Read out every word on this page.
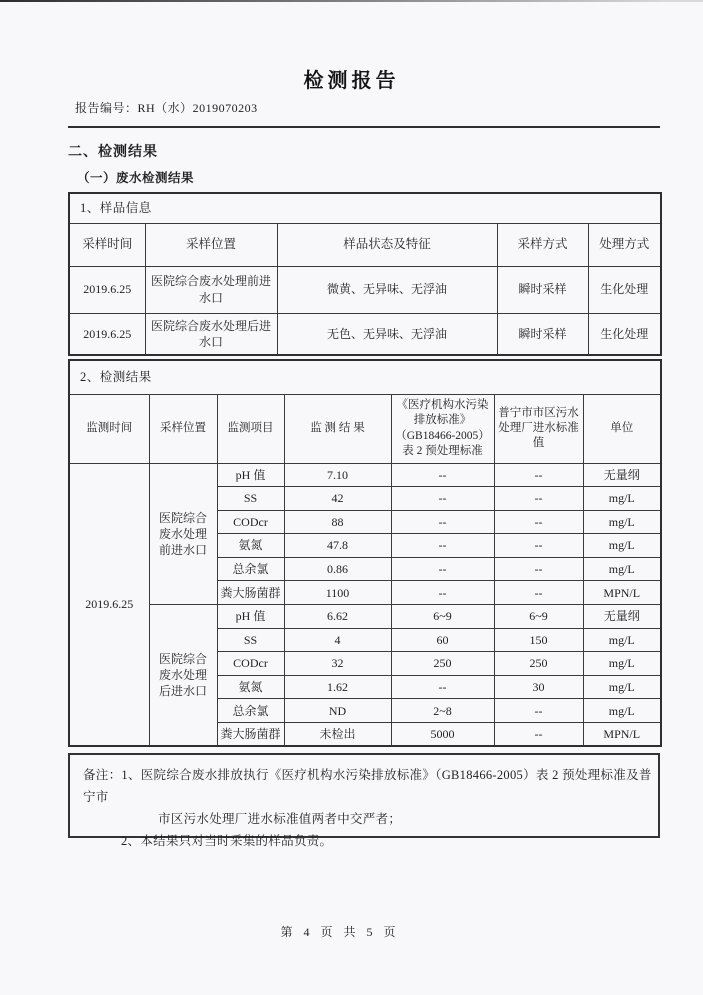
检测报告
报告编号：RH（水）2019070203
二、检测结果
（一）废水检测结果
1、样品信息				
采样时间	采样位置	样品状态及特征	采样方式	处理方式
2019.6.25	医院综合废水处理前进水口	微黄、无异味、无浮油	瞬时采样	生化处理
2019.6.25	医院综合废水处理后进水口	无色、无异味、无浮油	瞬时采样	生化处理
2、检测结果						
监测时间	采样位置	监测项目	监 测 结 果	《医疗机构水污染排放标准》（GB18466-2005）表 2 预处理标准	普宁市市区污水处理厂进水标准值	单位
2019.6.25	医院综合废水处理前进水口	pH 值	7.10	--	--	无量纲
		SS	42	--	--	mg/L
		CODcr	88	--	--	mg/L
		氨氮	47.8	--	--	mg/L
		总余氯	0.86	--	--	mg/L
		粪大肠菌群	1100	--	--	MPN/L
	医院综合废水处理后进水口	pH 值	6.62	6~9	6~9	无量纲
		SS	4	60	150	mg/L
		CODcr	32	250	250	mg/L
		氨氮	1.62	--	30	mg/L
		总余氯	ND	2~8	--	mg/L
		粪大肠菌群	未检出	5000	--	MPN/L
备注：1、医院综合废水排放执行《医疗机构水污染排放标准》（GB18466-2005）表 2 预处理标准及普宁市
市区污水处理厂进水标准值两者中交严者；
2、本结果只对当时采集的样品负责。
第 4 页 共 5 页
